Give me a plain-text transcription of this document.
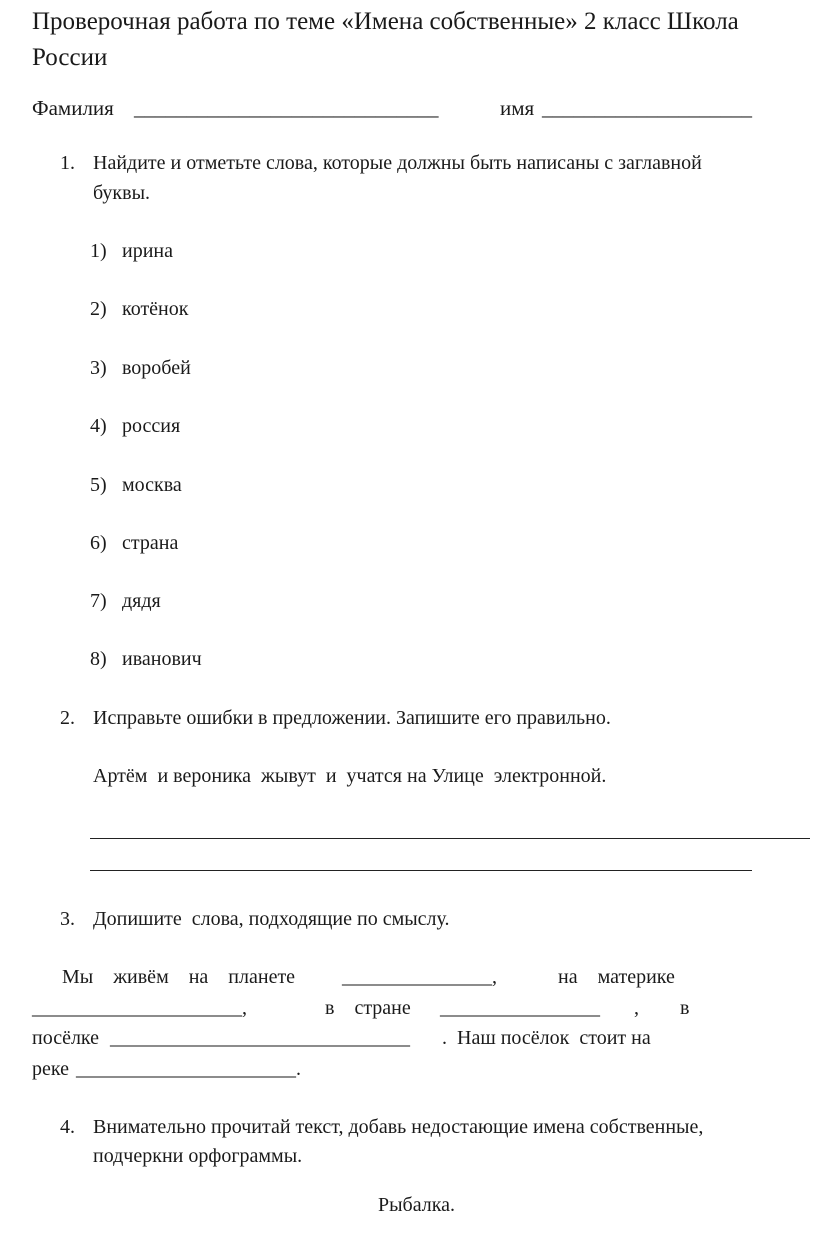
Проверочная работа по теме «Имена собственные» 2 класс Школа России
Фамилия _____________________________	имя ____________________
1. Найдите и отметьте слова, которые должны быть написаны с заглавной
буквы.
1) ирина
2) котёнок
3) воробей
4) россия
5) москва
6) страна
7) дядя
8) иванович
2. Исправьте ошибки в предложении. Запишите его правильно.
Артём  и вероника  жывут  и  учатся на Улице  электронной.
3. Допишите  слова, подходящие по смыслу.
Мы    живём    на    планете _______________,	на    материке
_____________________,	в    стране ________________ , в
посёлке ______________________________ .  Наш посёлок  стоит на
реке ______________________.
4. Внимательно прочитай текст, добавь недостающие имена собственные,
подчеркни орфограммы.
Рыбалка.
